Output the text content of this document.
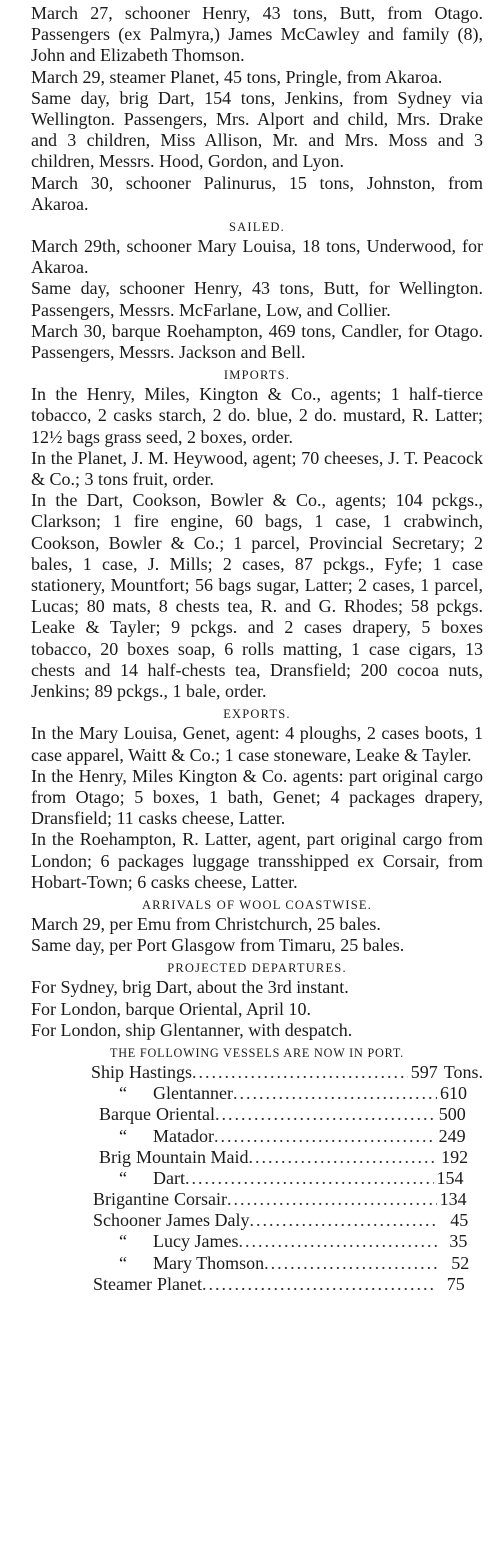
March 27, schooner Henry, 43 tons, Butt, from Otago. Passengers (ex Palmyra,) James McCawley and family (8), John and Elizabeth Thomson.

March 29, steamer Planet, 45 tons, Pringle, from Akaroa.

Same day, brig Dart, 154 tons, Jenkins, from Sydney via Wellington. Passengers, Mrs. Alport and child, Mrs. Drake and 3 children, Miss Allison, Mr. and Mrs. Moss and 3 children, Messrs. Hood, Gordon, and Lyon.

March 30, schooner Palinurus, 15 tons, Johnston, from Akaroa.

SAILED.

March 29th, schooner Mary Louisa, 18 tons, Underwood, for Akaroa.

Same day, schooner Henry, 43 tons, Butt, for Wellington. Passengers, Messrs. McFarlane, Low, and Collier.

March 30, barque Roehampton, 469 tons, Candler, for Otago. Passengers, Messrs. Jackson and Bell.

IMPORTS.

In the Henry, Miles, Kington & Co., agents; 1 half-tierce tobacco, 2 casks starch, 2 do. blue, 2 do. mustard, R. Latter; 12½ bags grass seed, 2 boxes, order.

In the Planet, J. M. Heywood, agent; 70 cheeses, J. T. Peacock & Co.; 3 tons fruit, order.

In the Dart, Cookson, Bowler & Co., agents; 104 pckgs., Clarkson; 1 fire engine, 60 bags, 1 case, 1 crabwinch, Cookson, Bowler & Co.; 1 parcel, Provincial Secretary; 2 bales, 1 case, J. Mills; 2 cases, 87 pckgs., Fyfe; 1 case stationery, Mountfort; 56 bags sugar, Latter; 2 cases, 1 parcel, Lucas; 80 mats, 8 chests tea, R. and G. Rhodes; 58 pckgs. Leake & Tayler; 9 pckgs. and 2 cases drapery, 5 boxes tobacco, 20 boxes soap, 6 rolls matting, 1 case cigars, 13 chests and 14 half-chests tea, Dransfield; 200 cocoa nuts, Jenkins; 89 pckgs., 1 bale, order.

EXPORTS.

In the Mary Louisa, Genet, agent: 4 ploughs, 2 cases boots, 1 case apparel, Waitt & Co.; 1 case stoneware, Leake & Tayler.

In the Henry, Miles Kington & Co. agents: part original cargo from Otago; 5 boxes, 1 bath, Genet; 4 packages drapery, Dransfield; 11 casks cheese, Latter.

In the Roehampton, R. Latter, agent, part original cargo from London; 6 packages luggage transshipped ex Corsair, from Hobart-Town; 6 casks cheese, Latter.

ARRIVALS OF WOOL COASTWISE.

March 29, per Emu from Christchurch, 25 bales.

Same day, per Port Glasgow from Timaru, 25 bales.

PROJECTED DEPARTURES.

For Sydney, brig Dart, about the 3rd instant.

For London, barque Oriental, April 10.

For London, ship Glentanner, with despatch.

THE FOLLOWING VESSELS ARE NOW IN PORT.
Ship Hastings .....	597 Tons.
“ Glentanner .....	610
Barque Oriental .....	500
“ Matador .....	249
Brig Mountain Maid .....	192
“ Dart .....	154
Brigantine Corsair .....	134
Schooner James Daly .....	45
“ Lucy James .....	35
“ Mary Thomson .....	52
Steamer Planet .....	75
